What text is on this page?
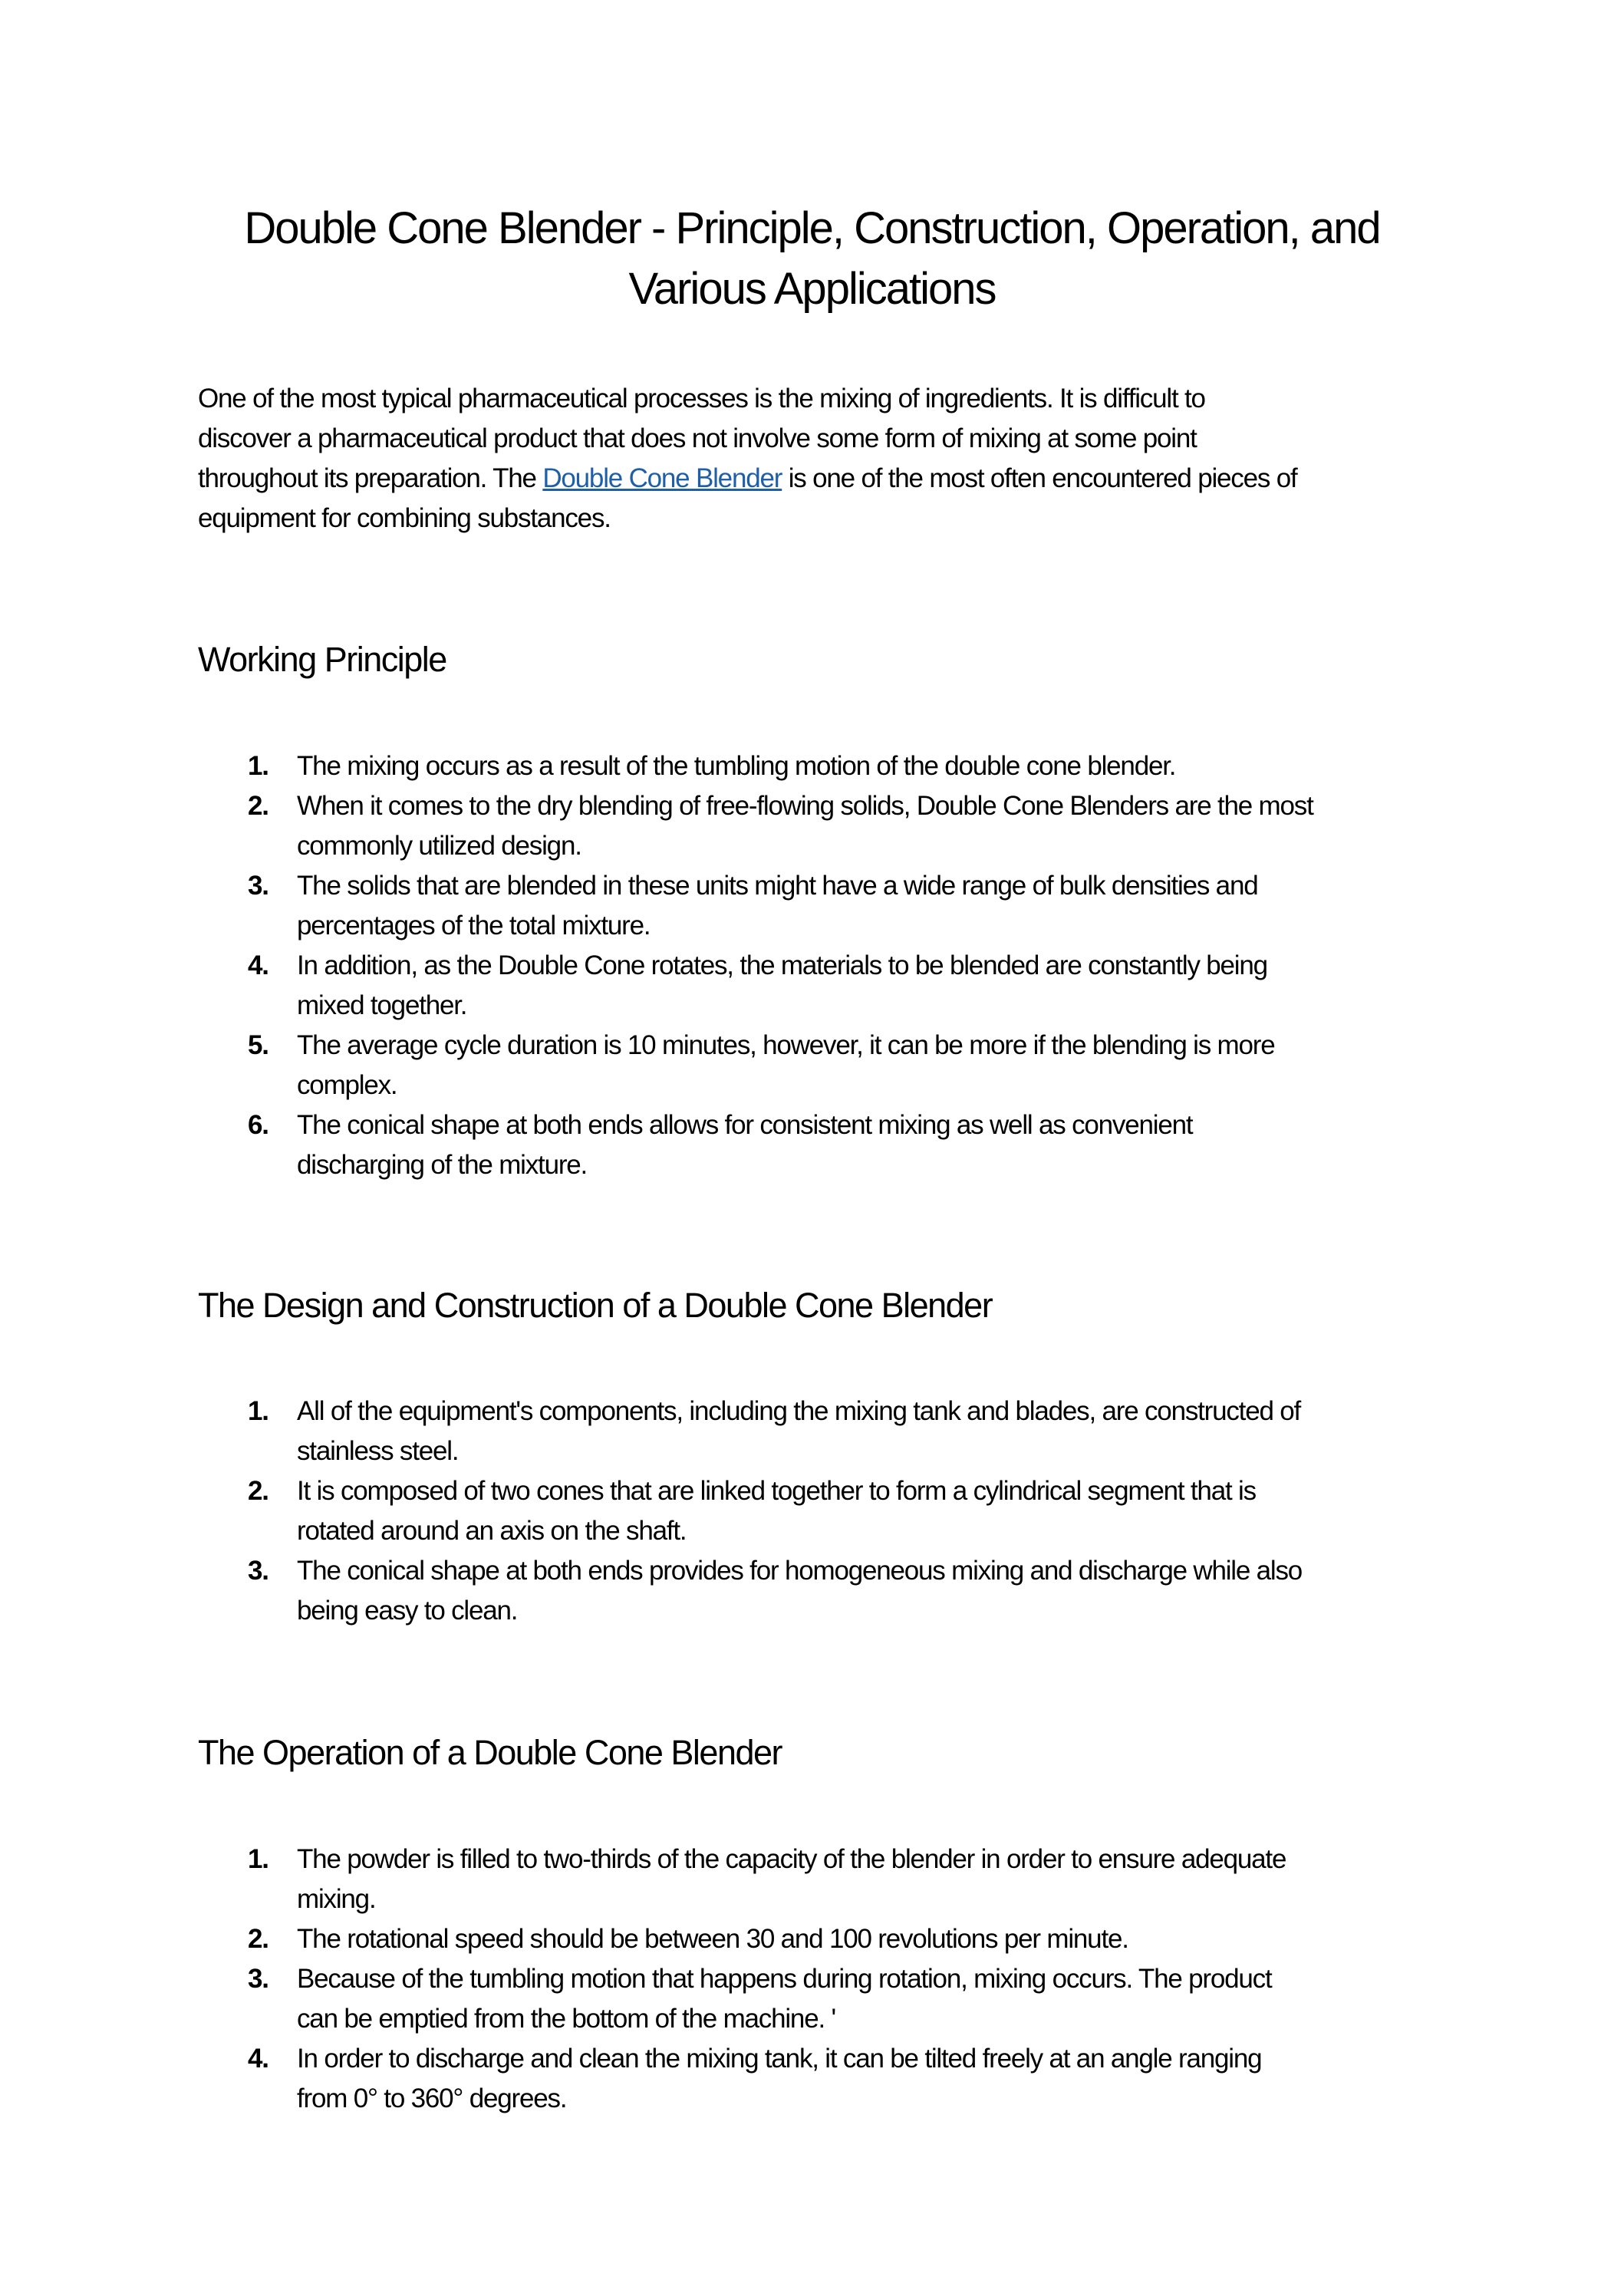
Double Cone Blender - Principle, Construction, Operation, and
Various Applications
One of the most typical pharmaceutical processes is the mixing of ingredients. It is difficult to
discover a pharmaceutical product that does not involve some form of mixing at some point
throughout its preparation. The Double Cone Blender is one of the most often encountered pieces of
equipment for combining substances.
Working Principle
1. The mixing occurs as a result of the tumbling motion of the double cone blender.
2. When it comes to the dry blending of free-flowing solids, Double Cone Blenders are the most
commonly utilized design.
3. The solids that are blended in these units might have a wide range of bulk densities and
percentages of the total mixture.
4. In addition, as the Double Cone rotates, the materials to be blended are constantly being
mixed together.
5. The average cycle duration is 10 minutes, however, it can be more if the blending is more
complex.
6. The conical shape at both ends allows for consistent mixing as well as convenient
discharging of the mixture.
The Design and Construction of a Double Cone Blender
1. All of the equipment's components, including the mixing tank and blades, are constructed of
stainless steel.
2. It is composed of two cones that are linked together to form a cylindrical segment that is
rotated around an axis on the shaft.
3. The conical shape at both ends provides for homogeneous mixing and discharge while also
being easy to clean.
The Operation of a Double Cone Blender
1. The powder is filled to two-thirds of the capacity of the blender in order to ensure adequate
mixing.
2. The rotational speed should be between 30 and 100 revolutions per minute.
3. Because of the tumbling motion that happens during rotation, mixing occurs. The product
can be emptied from the bottom of the machine. '
4. In order to discharge and clean the mixing tank, it can be tilted freely at an angle ranging
from 0° to 360° degrees.
